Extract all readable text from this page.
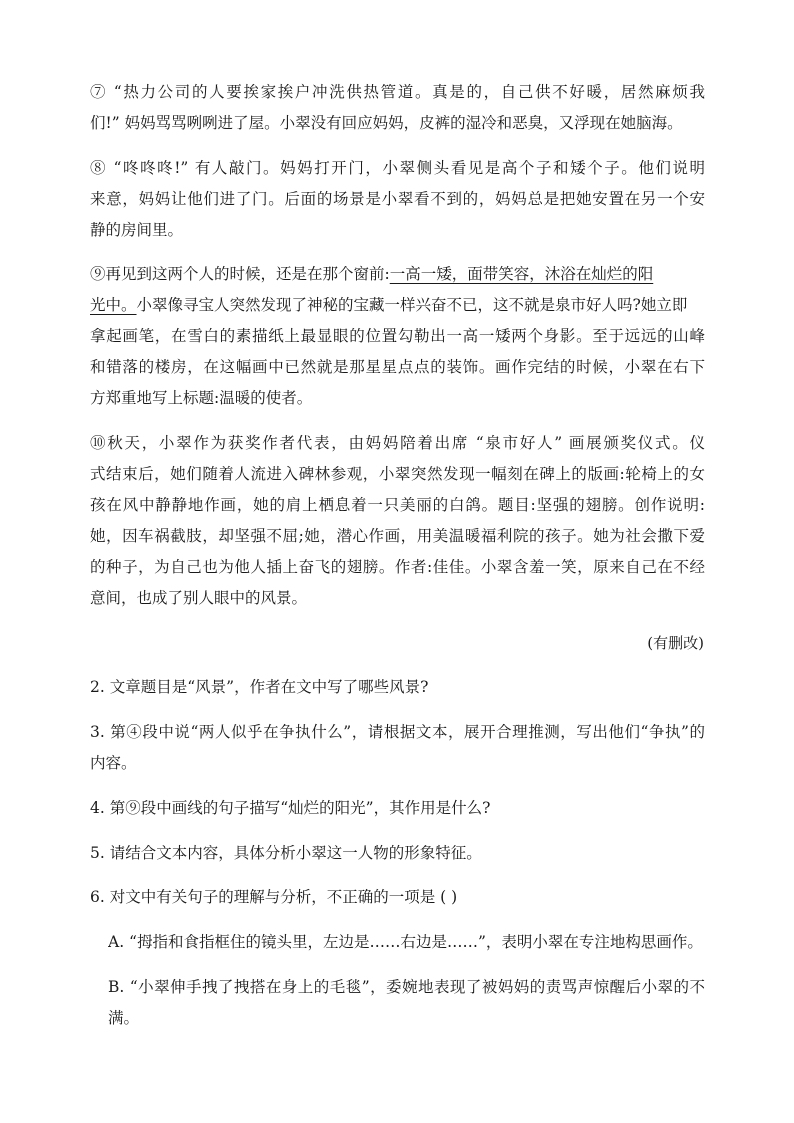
⑦ “热力公司的人要挨家挨户冲洗供热管道。真是的，自己供不好暖，居然麻烦我
们!” 妈妈骂骂咧咧进了屋。小翠没有回应妈妈，皮裤的湿冷和恶臭，又浮现在她脑海。
⑧ “咚咚咚!” 有人敲门。妈妈打开门，小翠侧头看见是高个子和矮个子。他们说明
来意，妈妈让他们进了门。后面的场景是小翠看不到的，妈妈总是把她安置在另一个安
静的房间里。
⑨再见到这两个人的时候，还是在那个窗前:一高一矮，面带笑容，沐浴在灿烂的阳
光中。小翠像寻宝人突然发现了神秘的宝藏一样兴奋不已，这不就是泉市好人吗?她立即
拿起画笔，在雪白的素描纸上最显眼的位置勾勒出一高一矮两个身影。至于远远的山峰
和错落的楼房，在这幅画中已然就是那星星点点的装饰。画作完结的时候，小翠在右下
方郑重地写上标题:温暖的使者。
⑩秋天，小翠作为获奖作者代表，由妈妈陪着出席 “泉市好人” 画展颁奖仪式。仪
式结束后，她们随着人流进入碑林参观，小翠突然发现一幅刻在碑上的版画:轮椅上的女
孩在风中静静地作画，她的肩上栖息着一只美丽的白鸽。题目:坚强的翅膀。创作说明:
她，因车祸截肢，却坚强不屈;她，潜心作画，用美温暖福利院的孩子。她为社会撒下爱
的种子，为自己也为他人插上奋飞的翅膀。作者:佳佳。小翠含羞一笑，原来自己在不经
意间，也成了别人眼中的风景。
(有删改)
2. 文章题目是“风景”，作者在文中写了哪些风景?
3. 第④段中说“两人似乎在争执什么”，请根据文本，展开合理推测，写出他们“争执”的
内容。
4. 第⑨段中画线的句子描写“灿烂的阳光”，其作用是什么?
5. 请结合文本内容，具体分析小翠这一人物的形象特征。
6. 对文中有关句子的理解与分析，不正确的一项是 ( )
A. “拇指和食指框住的镜头里，左边是……右边是……”，表明小翠在专注地构思画作。
B. “小翠伸手拽了拽搭在身上的毛毯”，委婉地表现了被妈妈的责骂声惊醒后小翠的不
满。
